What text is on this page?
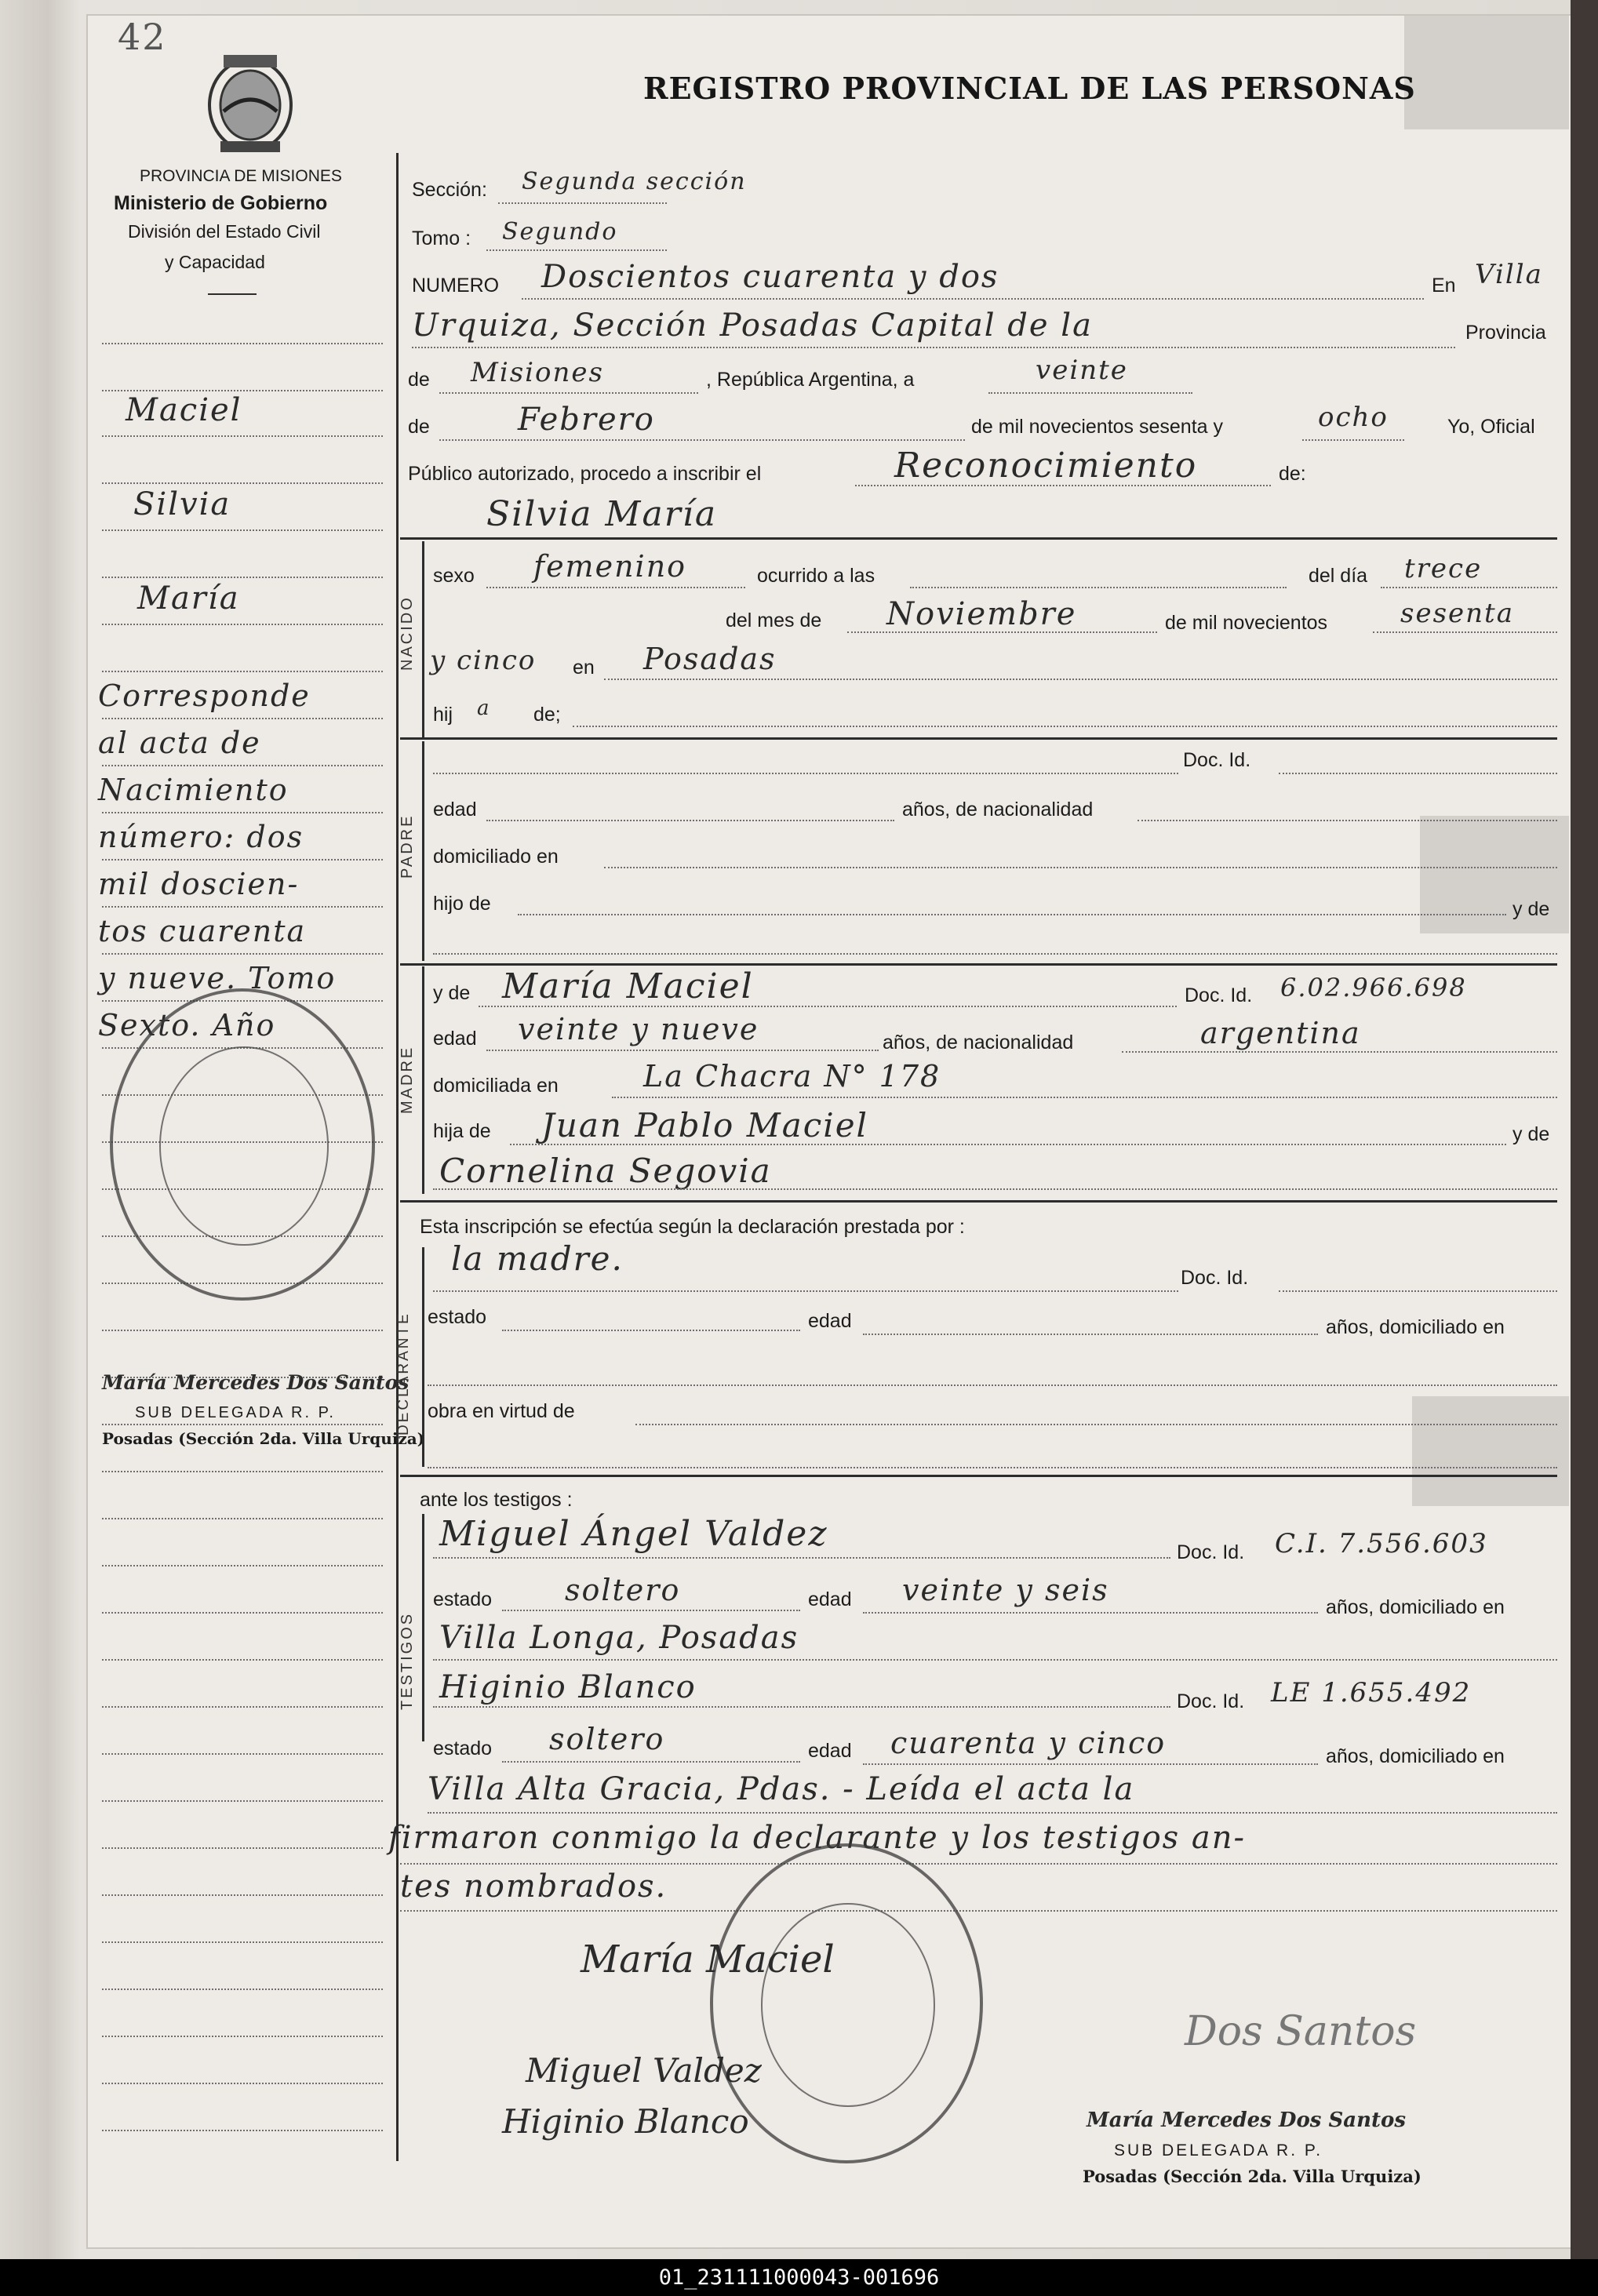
42
PROVINCIA DE MISIONES
Ministerio de Gobierno
División del Estado Civil
y Capacidad
REGISTRO PROVINCIAL DE LAS PERSONAS
Maciel
Silvia
María
Corresponde
al acta de
Nacimiento
número: dos
mil doscien-
tos cuarenta
y nueve. Tomo
Sexto. Año
María Mercedes Dos Santos
SUB DELEGADA R. P.
Posadas (Sección 2da. Villa Urquiza)
Sección: Segunda sección
Tomo : Segundo
NUMERO Doscientos cuarenta y dos	En Villa
Urquiza, Sección Posadas Capital de la	Provincia
de Misiones	, República Argentina, a	veinte
de	Febrero	de mil novecientos sesenta y	ocho	Yo, Oficial
Público autorizado, procedo a inscribir el	Reconocimiento	de:
Silvia María
NACIDO
sexo femenino	ocurrido a las	del día trece
del mes de Noviembre	de mil novecientos	sesenta
y cinco en Posadas
hij a de;
PADRE
Doc. Id.
edad	años, de nacionalidad
domiciliado en
hijo de	y de
MADRE
y de María Maciel	Doc. Id. 6.02.966.698
edad veinte y nueve	años, de nacionalidad	argentina
domiciliada en	La Chacra N° 178
hija de Juan Pablo Maciel	y de
Cornelina Segovia
Esta inscripción se efectúa según la declaración prestada por :
DECLARANTE
la madre.	Doc. Id.
estado	edad	años, domiciliado en
obra en virtud de
ante los testigos :
TESTIGOS
Miguel Ángel Valdez	Doc. Id. C.I. 7.556.603
estado soltero	edad veinte y seis	años, domiciliado en
Villa Longa, Posadas
Higinio Blanco	Doc. Id. LE 1.655.492
estado soltero	edad cuarenta y cinco	años, domiciliado en
Villa Alta Gracia, Pdas. - Leída el acta la
firmaron conmigo la declarante y los testigos an-
tes nombrados.
María Maciel
Miguel Valdez
Higinio Blanco
Dos Santos
María Mercedes Dos Santos
SUB DELEGADA R. P.
Posadas (Sección 2da. Villa Urquiza)
01_231111000043-001696
